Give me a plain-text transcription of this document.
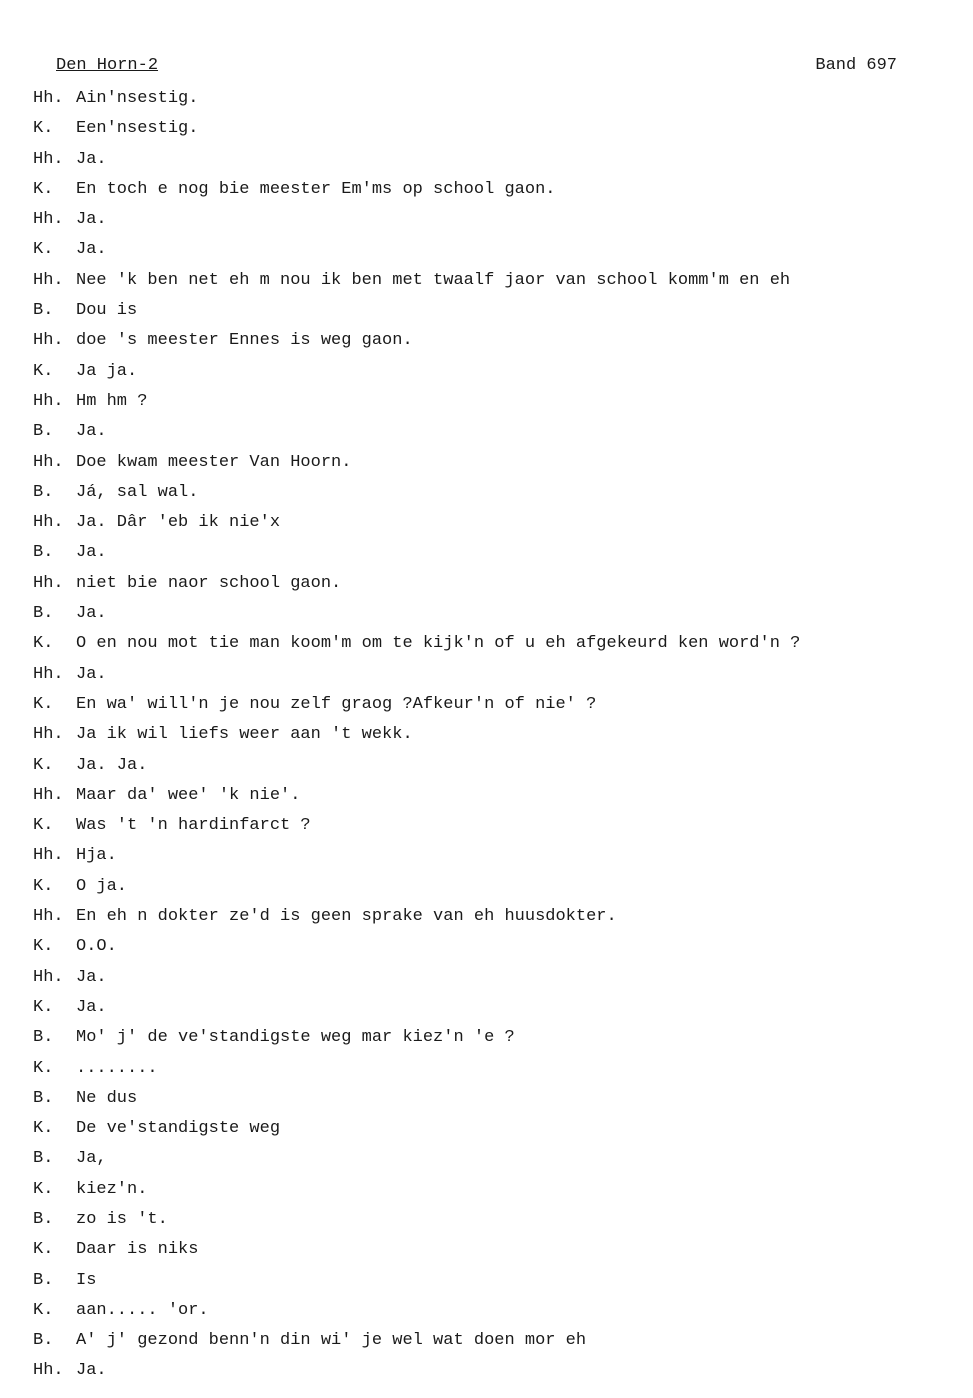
Den Horn-2	Band 697
Hh. Ain'nsestig.
K. Een'nsestig.
Hh. Ja.
K. En toch e nog bie meester Em'ms op school gaon.
Hh. Ja.
K. Ja.
Hh. Nee 'k ben net eh m nou ik ben met twaalf jaor van school komm'm en eh
B. Dou is
Hh. doe 's meester Ennes is weg gaon.
K. Ja ja.
Hh. Hm hm ?
B. Ja.
Hh. Doe kwam meester Van Hoorn.
B. Já, sal wal.
Hh. Ja. Dâr 'eb ik nie'x
B. Ja.
Hh. niet bie naor school gaon.
B. Ja.
K. O en nou mot tie man koom'm om te kijk'n of u eh afgekeurd ken word'n ?
Hh. Ja.
K. En wa' will'n je nou zelf graog ?Afkeur'n of nie' ?
Hh. Ja ik wil liefs weer aan 't wekk.
K. Ja. Ja.
Hh. Maar da' wee' 'k nie'.
K. Was 't 'n hardinfarct ?
Hh. Hja.
K. O ja.
Hh. En eh n dokter ze'd is geen sprake van eh huusdokter.
K. O.O.
Hh. Ja.
K. Ja.
B. Mo' j' de ve'standigste weg mar kiez'n 'e ?
K. ........
B. Ne dus
K. De ve'standigste weg
B. Ja,
K. kiez'n.
B. zo is 't.
K. Daar is niks
B. Is
K. aan..... 'or.
B. A' j' gezond benn'n din wi' je wel wat doen mor eh
Hh. Ja.
